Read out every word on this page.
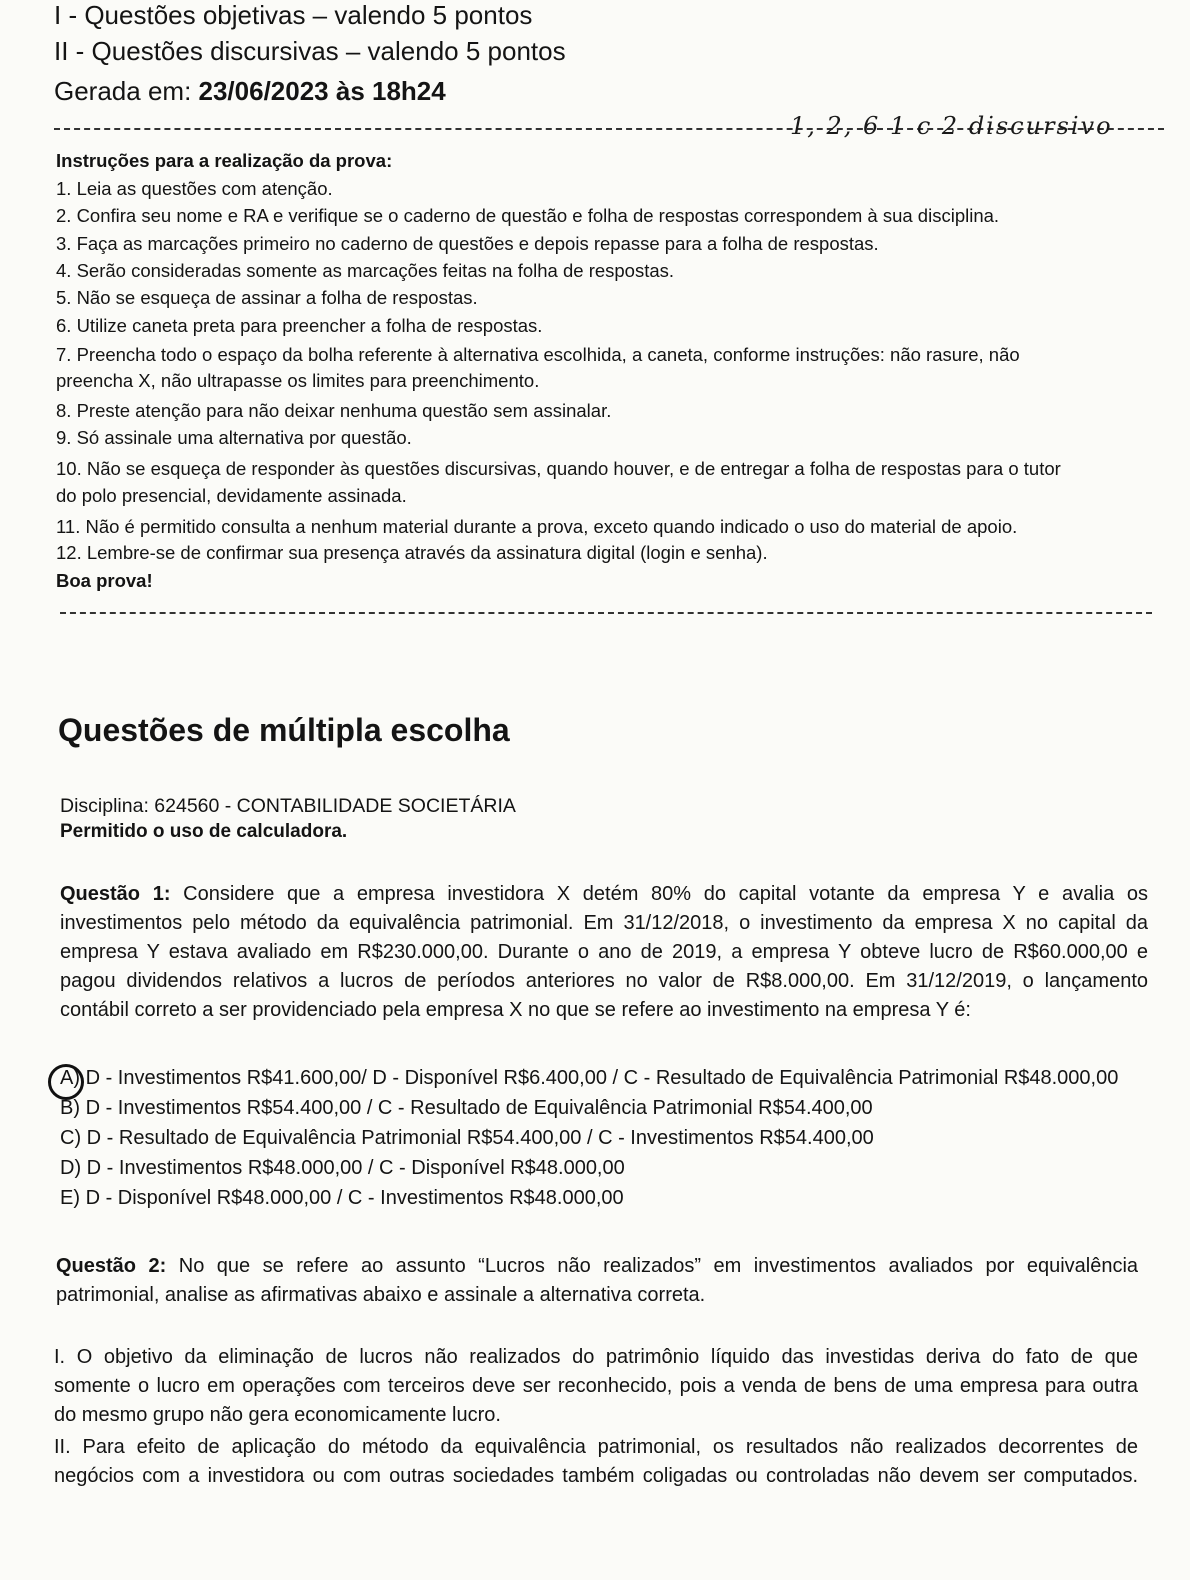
I - Questões objetivas – valendo 5 pontos
II - Questões discursivas – valendo 5 pontos
Gerada em: 23/06/2023 às 18h24
1, 2, 6 1 c 2 discursivo
Instruções para a realização da prova:
1. Leia as questões com atenção.
2. Confira seu nome e RA e verifique se o caderno de questão e folha de respostas correspondem à sua disciplina.
3. Faça as marcações primeiro no caderno de questões e depois repasse para a folha de respostas.
4. Serão consideradas somente as marcações feitas na folha de respostas.
5. Não se esqueça de assinar a folha de respostas.
6. Utilize caneta preta para preencher a folha de respostas.
7. Preencha todo o espaço da bolha referente à alternativa escolhida, a caneta, conforme instruções: não rasure, não
preencha X, não ultrapasse os limites para preenchimento.
8. Preste atenção para não deixar nenhuma questão sem assinalar.
9. Só assinale uma alternativa por questão.
10. Não se esqueça de responder às questões discursivas, quando houver, e de entregar a folha de respostas para o tutor
do polo presencial, devidamente assinada.
11. Não é permitido consulta a nenhum material durante a prova, exceto quando indicado o uso do material de apoio.
12. Lembre-se de confirmar sua presença através da assinatura digital (login e senha).
Boa prova!
Questões de múltipla escolha
Disciplina: 624560 - CONTABILIDADE SOCIETÁRIA
Permitido o uso de calculadora.
Questão 1: Considere que a empresa investidora X detém 80% do capital votante da empresa Y e avalia os
investimentos pelo método da equivalência patrimonial. Em 31/12/2018, o investimento da empresa X no capital da
empresa Y estava avaliado em R$230.000,00. Durante o ano de 2019, a empresa Y obteve lucro de R$60.000,00 e
pagou dividendos relativos a lucros de períodos anteriores no valor de R$8.000,00. Em 31/12/2019, o lançamento
contábil correto a ser providenciado pela empresa X no que se refere ao investimento na empresa Y é:
A) D - Investimentos R$41.600,00/ D - Disponível R$6.400,00 / C - Resultado de Equivalência Patrimonial R$48.000,00
B) D - Investimentos R$54.400,00 / C - Resultado de Equivalência Patrimonial R$54.400,00
C) D - Resultado de Equivalência Patrimonial R$54.400,00 / C - Investimentos R$54.400,00
D) D - Investimentos R$48.000,00 / C - Disponível R$48.000,00
E) D - Disponível R$48.000,00 / C - Investimentos R$48.000,00
Questão 2: No que se refere ao assunto “Lucros não realizados” em investimentos avaliados por equivalência
patrimonial, analise as afirmativas abaixo e assinale a alternativa correta.
I. O objetivo da eliminação de lucros não realizados do patrimônio líquido das investidas deriva do fato de que
somente o lucro em operações com terceiros deve ser reconhecido, pois a venda de bens de uma empresa para outra
do mesmo grupo não gera economicamente lucro.
II. Para efeito de aplicação do método da equivalência patrimonial, os resultados não realizados decorrentes de
negócios com a investidora ou com outras sociedades também coligadas ou controladas não devem ser computados.
